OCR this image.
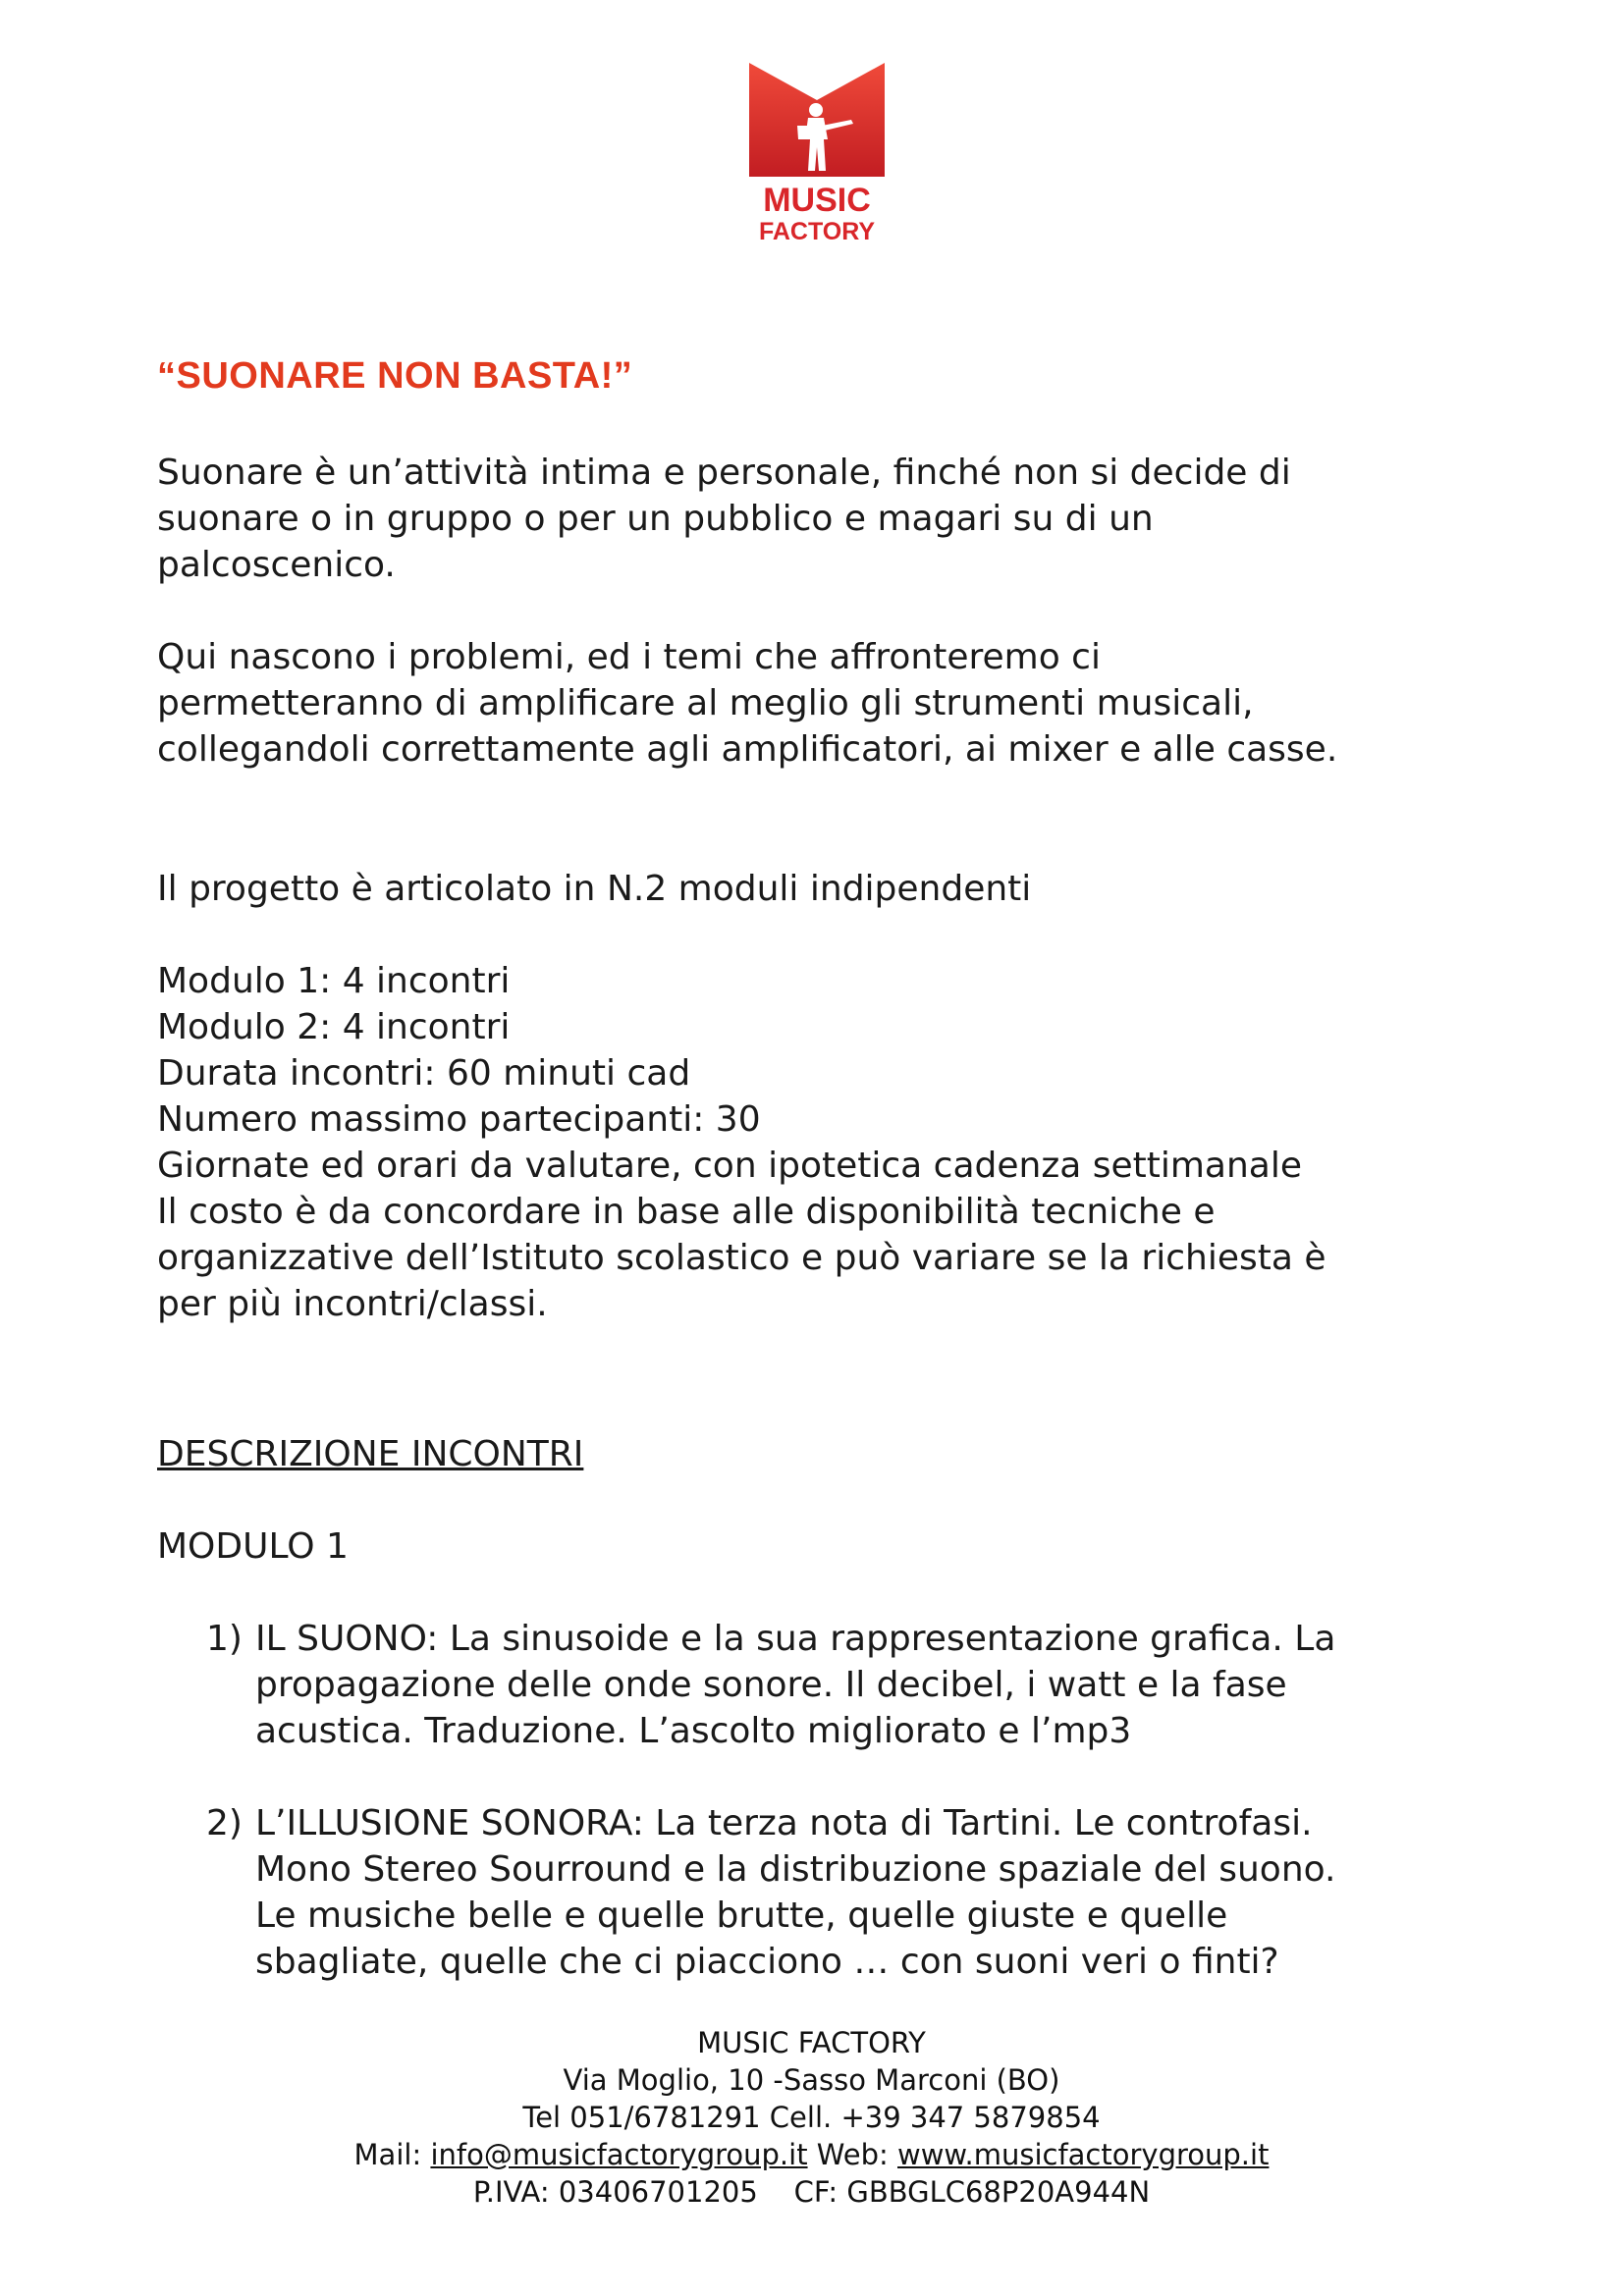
MUSIC
FACTORY
“SUONARE NON BASTA!”
Suonare è un’attività intima e personale, finché non si decide di
suonare o in gruppo o per un pubblico e magari su di un
palcoscenico.
Qui nascono i problemi, ed i temi che affronteremo ci
permetteranno di amplificare al meglio gli strumenti musicali,
collegandoli correttamente agli amplificatori, ai mixer e alle casse.
Il progetto è articolato in N.2 moduli indipendenti
Modulo 1: 4 incontri
Modulo 2: 4 incontri
Durata incontri: 60 minuti cad
Numero massimo partecipanti: 30
Giornate ed orari da valutare, con ipotetica cadenza settimanale
Il costo è da concordare in base alle disponibilità tecniche e
organizzative dell’Istituto scolastico e può variare se la richiesta è
per più incontri/classi.
DESCRIZIONE INCONTRI
MODULO 1
1) IL SUONO: La sinusoide e la sua rappresentazione grafica. La
propagazione delle onde sonore. Il decibel, i watt e la fase
acustica. Traduzione. L’ascolto migliorato e l’mp3
2) L’ILLUSIONE SONORA: La terza nota di Tartini. Le controfasi.
Mono Stereo Sourround e la distribuzione spaziale del suono.
Le musiche belle e quelle brutte, quelle giuste e quelle
sbagliate, quelle che ci piacciono … con suoni veri o finti?
MUSIC FACTORY
Via Moglio, 10 -Sasso Marconi (BO)
Tel 051/6781291 Cell. +39 347 5879854
Mail: info@musicfactorygroup.it Web: www.musicfactorygroup.it
P.IVA: 03406701205    CF: GBBGLC68P20A944N
